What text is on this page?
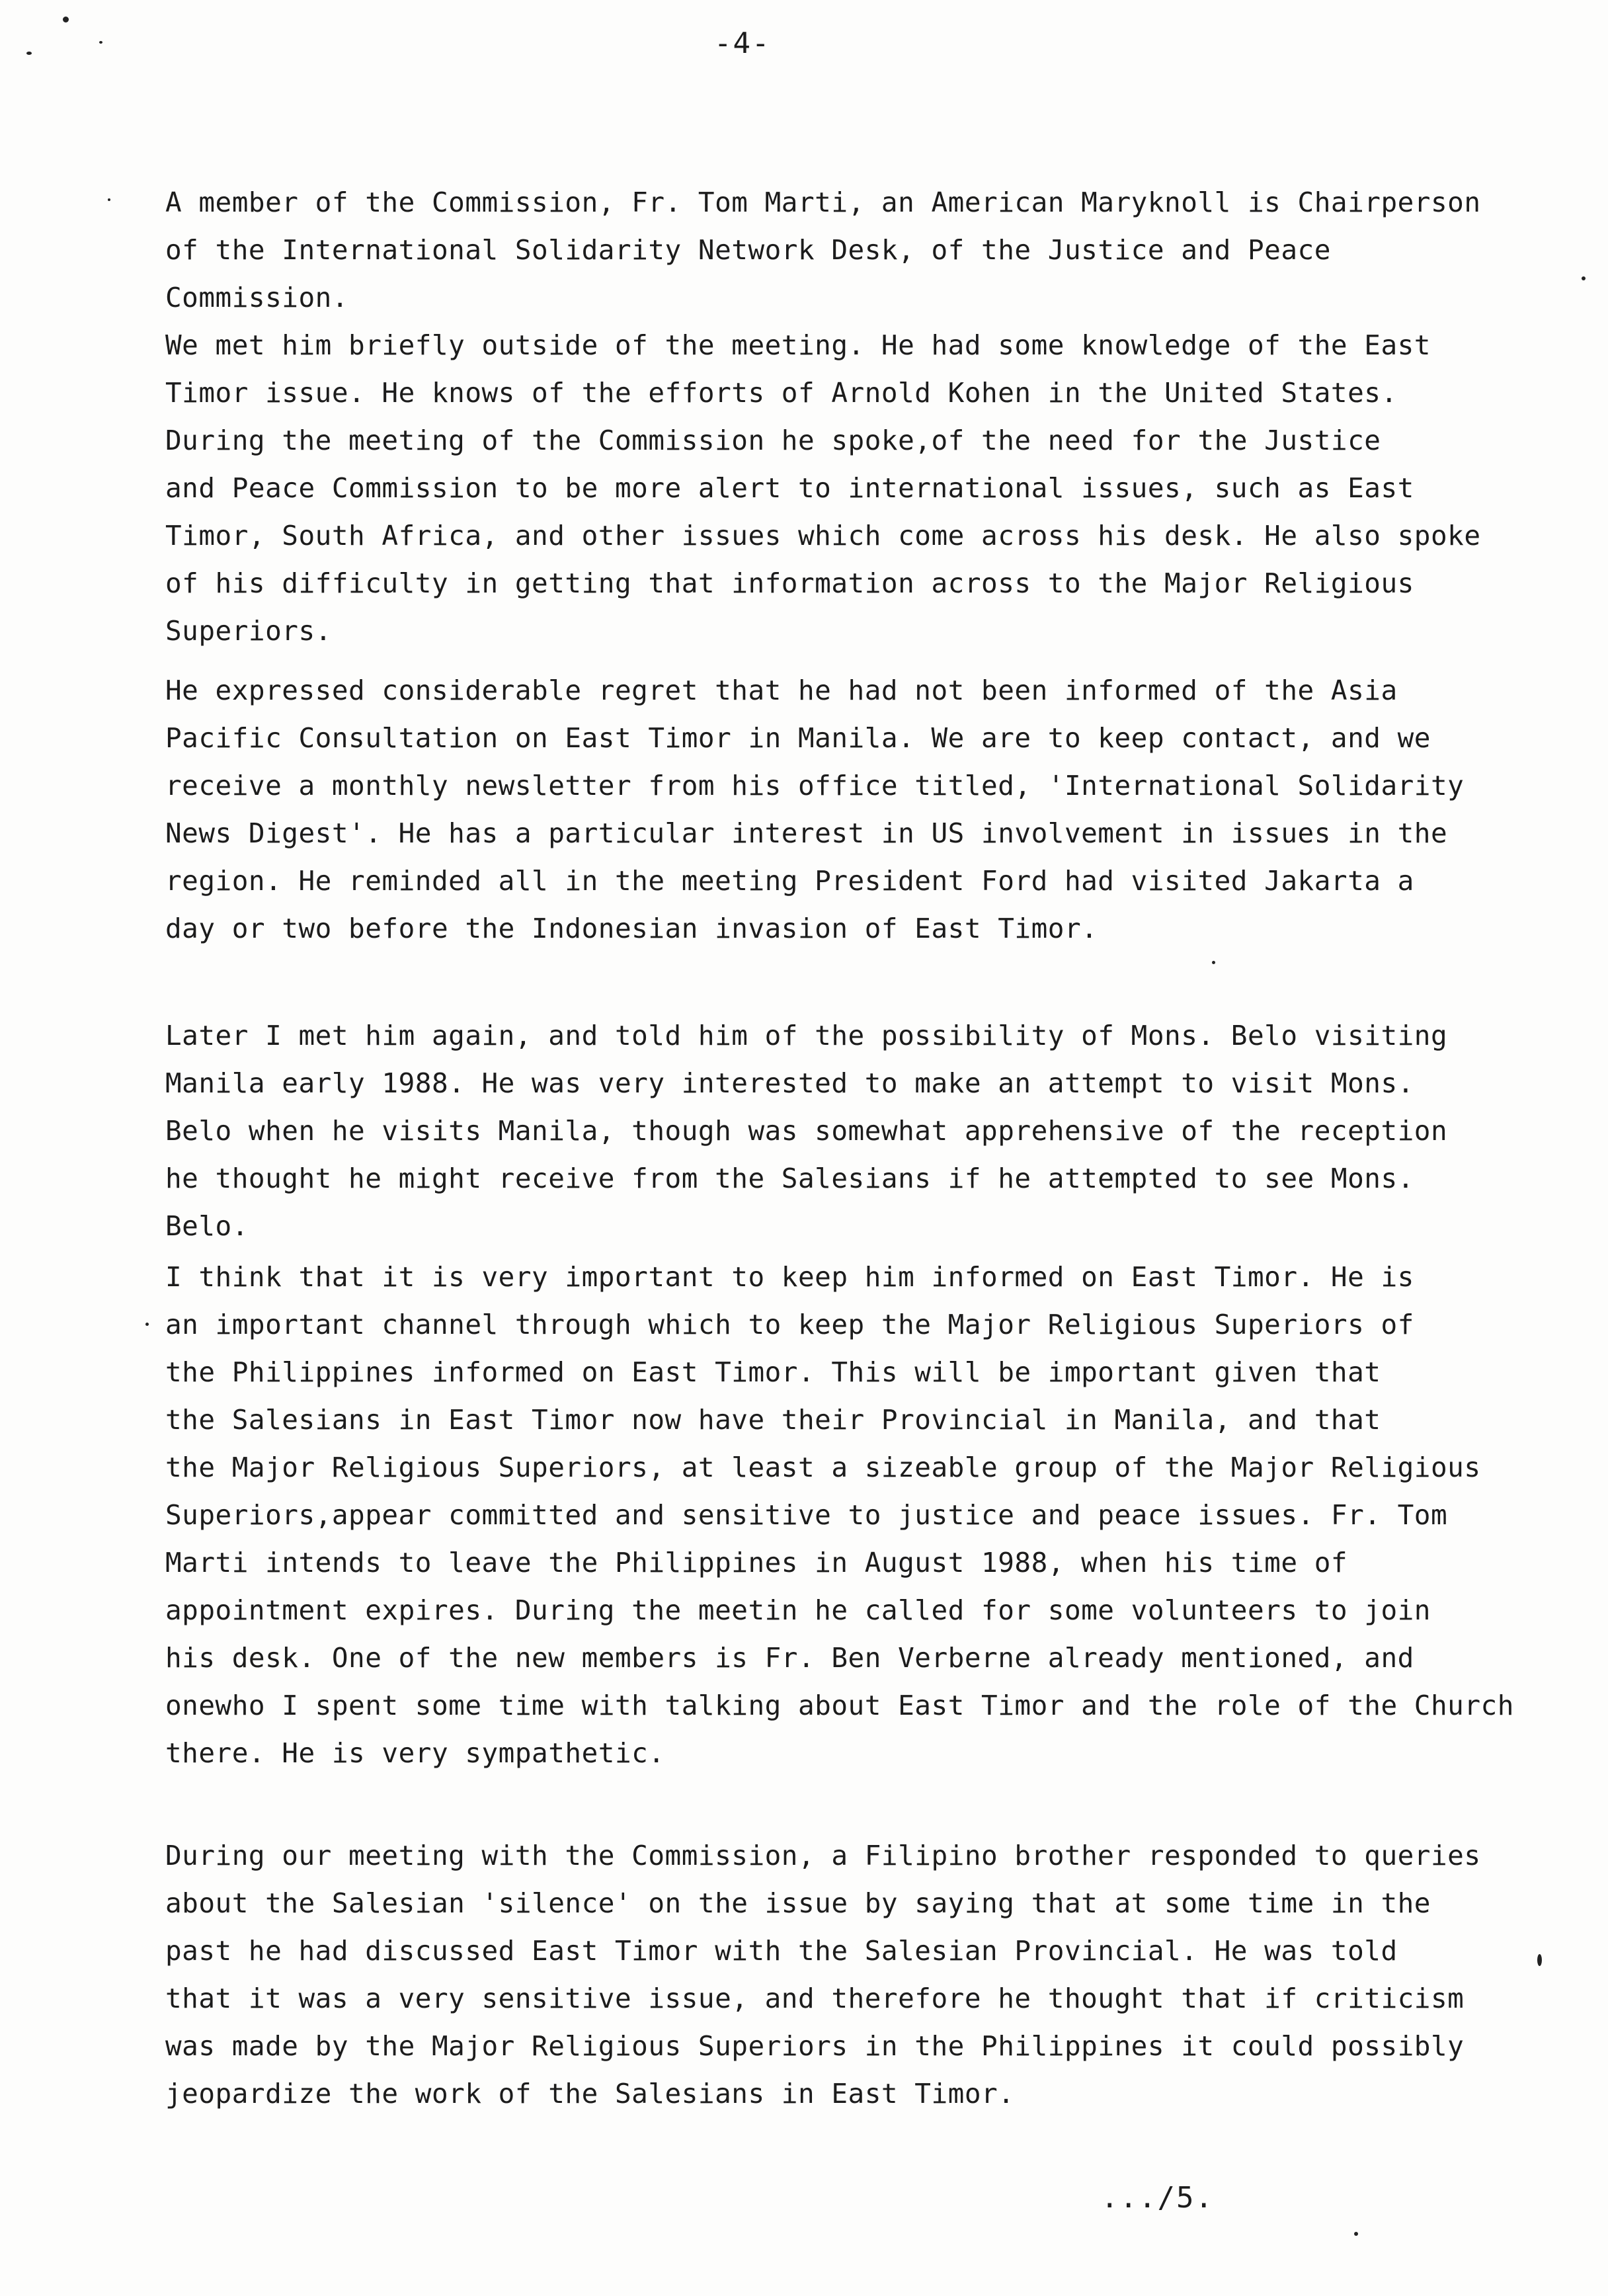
-4-

A member of the Commission, Fr. Tom Marti, an American Maryknoll is Chairperson
of the International Solidarity Network Desk, of the Justice and Peace Commission.
We met him briefly outside of the meeting. He had some knowledge of the East
Timor issue. He knows of the efforts of Arnold Kohen in the United States.
During the meeting of the Commission he spoke,of the need for the Justice
and Peace Commission to be more alert to international issues, such as East
Timor, South Africa, and other issues which come across his desk. He also spoke
of his difficulty in getting that information across to the Major Religious
Superiors.

He expressed considerable regret that he had not been informed of the Asia
Pacific Consultation on East Timor in Manila. We are to keep contact, and we
receive a monthly newsletter from his office titled, 'International Solidarity
News Digest'. He has a particular interest in US involvement in issues in the
region. He reminded all in the meeting President Ford had visited Jakarta a
day or two before the Indonesian invasion of East Timor.

Later I met him again, and told him of the possibility of Mons. Belo visiting
Manila early 1988. He was very interested to make an attempt to visit Mons.
Belo when he visits Manila, though was somewhat apprehensive of the reception
he thought he might receive from the Salesians if he attempted to see Mons.
Belo.

I think that it is very important to keep him informed on East Timor. He is
an important channel through which to keep the Major Religious Superiors of
the Philippines informed on East Timor. This will be important given that
the Salesians in East Timor now have their Provincial in Manila, and that
the Major Religious Superiors, at least a sizeable group of the Major Religious
Superiors,appear committed and sensitive to justice and peace issues. Fr. Tom
Marti intends to leave the Philippines in August 1988, when his time of
appointment expires. During the meetin he called for some volunteers to join
his desk. One of the new members is Fr. Ben Verberne already mentioned, and
onewho I spent some time with talking about East Timor and the role of the Church
there. He is very sympathetic.

During our meeting with the Commission, a Filipino brother responded to queries
about the Salesian 'silence' on the issue by saying that at some time in the
past he had discussed East Timor with the Salesian Provincial. He was told
that it was a very sensitive issue, and therefore he thought that if criticism
was made by the Major Religious Superiors in the Philippines it could possibly
jeopardize the work of the Salesians in East Timor.

.../5.
